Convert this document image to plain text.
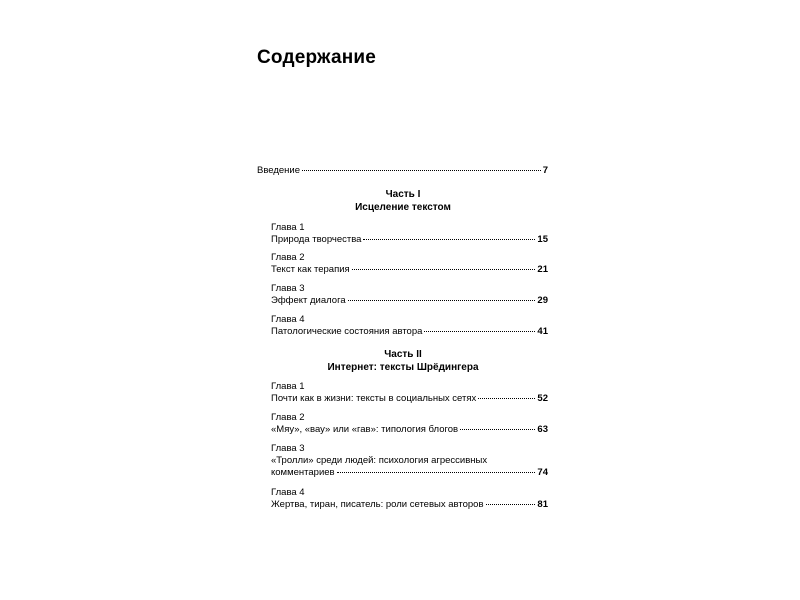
Содержание
Введение	7
Часть I
Исцеление текстом
Глава 1
Природа творчества	15
Глава 2
Текст как терапия	21
Глава 3
Эффект диалога	29
Глава 4
Патологические состояния автора	41
Часть II
Интернет: тексты Шрёдингера
Глава 1
Почти как в жизни: тексты в социальных сетях	52
Глава 2
«Мяу», «вау» или «гав»: типология блогов	63
Глава 3
«Тролли» среди людей: психология агрессивных
комментариев	74
Глава 4
Жертва, тиран, писатель: роли сетевых авторов	81
